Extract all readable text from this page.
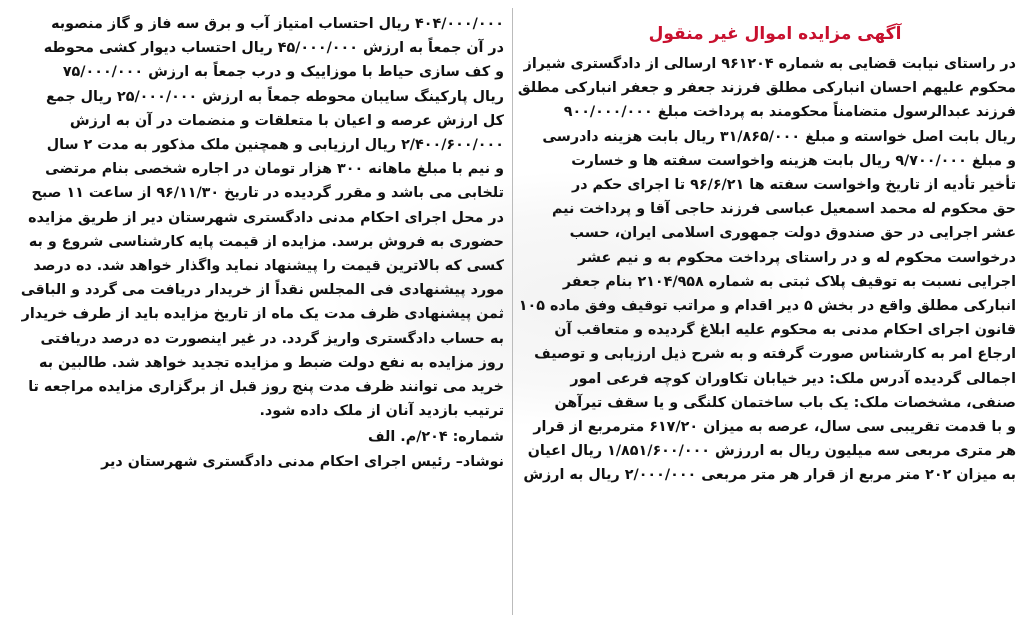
آگهی مزایده اموال غیر منقول
در راستای نیابت قضایی به شماره ۹۶۱۲۰۴ ارسالی از دادگستری شیراز
محکوم علیهم احسان انبارکی مطلق فرزند جعفر و جعفر انبارکی مطلق
فرزند عبدالرسول متضامناً محکومند به پرداخت مبلغ ۹۰۰/۰۰۰/۰۰۰
ریال بابت اصل خواسته و مبلغ ۳۱/۸۶۵/۰۰۰ ریال بابت هزینه دادرسی
و مبلغ ۹/۷۰۰/۰۰۰ ریال بابت هزینه واخواست سفته ها و خسارت
تأخیر تأدیه از تاریخ واخواست سفته ها ۹۶/۶/۲۱ تا اجرای حکم در
حق محکوم له محمد اسمعیل عباسی فرزند حاجی آقا و پرداخت نیم
عشر اجرایی در حق صندوق دولت جمهوری اسلامی ایران، حسب
درخواست محکوم له و در راستای پرداخت محکوم به و نیم عشر
اجرایی نسبت به توقیف پلاک ثبتی به شماره ۲۱۰۴/۹۵۸ بنام جعفر
انبارکی مطلق واقع در بخش ۵ دیر اقدام و مراتب توقیف وفق ماده ۱۰۵
قانون اجرای احکام مدنی به محکوم علیه ابلاغ گردیده و متعاقب آن
ارجاع امر به کارشناس صورت گرفته و به شرح ذیل ارزیابی و توصیف
اجمالی گردیده آدرس ملک: دیر خیابان تکاوران کوچه فرعی امور
صنفی، مشخصات ملک: یک باب ساختمان کلنگی و یا سقف تیرآهن
و با قدمت تقریبی سی سال، عرصه به میزان ۶۱۷/۲۰ مترمربع از قرار
هر متری مربعی سه میلیون ریال به اررزش ۱/۸۵۱/۶۰۰/۰۰۰ ریال اعیان
به میزان ۲۰۲ متر مربع از قرار هر متر مربعی ۲/۰۰۰/۰۰۰ ریال به ارزش
۴۰۴/۰۰۰/۰۰۰ ریال احتساب امتیاز آب و برق سه فاز و گاز منصوبه
در آن جمعاً به ارزش ۴۵/۰۰۰/۰۰۰ ریال احتساب دیوار کشی محوطه
و کف سازی حیاط با موزاییک و درب جمعاً به ارزش ۷۵/۰۰۰/۰۰۰
ریال پارکینگ سایبان محوطه جمعاً به ارزش ۲۵/۰۰۰/۰۰۰ ریال جمع
کل ارزش عرصه و اعیان با متعلقات و منضمات در آن به ارزش
۲/۴۰۰/۶۰۰/۰۰۰ ریال ارزیابی و همچنین ملک مذکور به مدت ۲ سال
و نیم با مبلغ ماهانه ۳۰۰ هزار تومان در اجاره شخصی بنام مرتضی
تلخابی می باشد و مقرر گردیده در تاریخ ۹۶/۱۱/۳۰ از ساعت ۱۱ صبح
در محل اجرای احکام مدنی دادگستری شهرستان دیر از طریق مزایده
حضوری به فروش برسد. مزایده از قیمت پایه کارشناسی شروع و به
کسی که بالاترین قیمت را پیشنهاد نماید واگذار خواهد شد. ده درصد
مورد پیشنهادی فی المجلس نقداً از خریدار دریافت می گردد و الباقی
ثمن پیشنهادی ظرف مدت یک ماه از تاریخ مزایده باید از طرف خریدار
به حساب دادگستری واریز گردد. در غیر اینصورت ده درصد دریافتی
روز مزایده به نفع دولت ضبط و مزایده تجدید خواهد شد. طالبین به
خرید می توانند ظرف مدت پنج روز قبل از برگزاری مزایده مراجعه تا
ترتیب بازدید آنان از ملک داده شود.
شماره: ۲۰۴/م. الف
نوشاد– رئیس اجرای احکام مدنی دادگستری شهرستان دیر
